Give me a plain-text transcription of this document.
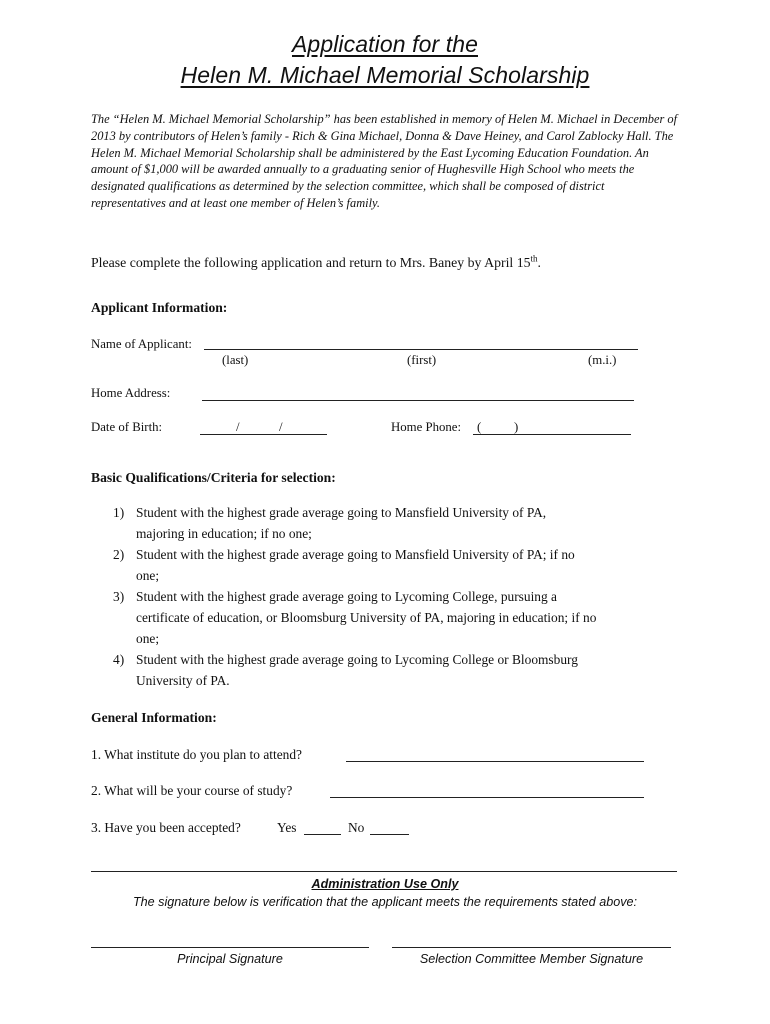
Application for the
Helen M. Michael Memorial Scholarship
The “Helen M. Michael Memorial Scholarship” has been established in memory of Helen M. Michael in December of 2013 by contributors of Helen’s family - Rich & Gina Michael, Donna & Dave Heiney, and Carol Zablocky Hall. The Helen M. Michael Memorial Scholarship shall be administered by the East Lycoming Education Foundation. An amount of $1,000 will be awarded annually to a graduating senior of Hughesville High School who meets the designated qualifications as determined by the selection committee, which shall be composed of district representatives and at least one member of Helen’s family.
Please complete the following application and return to Mrs. Baney by April 15th.
Applicant Information:
Name of Applicant:
(last)	(first)	(m.i.)
Home Address:
Date of Birth:	/	/	Home Phone: (	)
Basic Qualifications/Criteria for selection:
1) Student with the highest grade average going to Mansfield University of PA,
majoring in education; if no one;
2) Student with the highest grade average going to Mansfield University of PA; if no
one;
3) Student with the highest grade average going to Lycoming College, pursuing a
certificate of education, or Bloomsburg University of PA, majoring in education; if no
one;
4) Student with the highest grade average going to Lycoming College or Bloomsburg
University of PA.
General Information:
1. What institute do you plan to attend?
2. What will be your course of study?
3. Have you been accepted?	Yes	No
Administration Use Only
The signature below is verification that the applicant meets the requirements stated above:
Principal Signature	Selection Committee Member Signature
